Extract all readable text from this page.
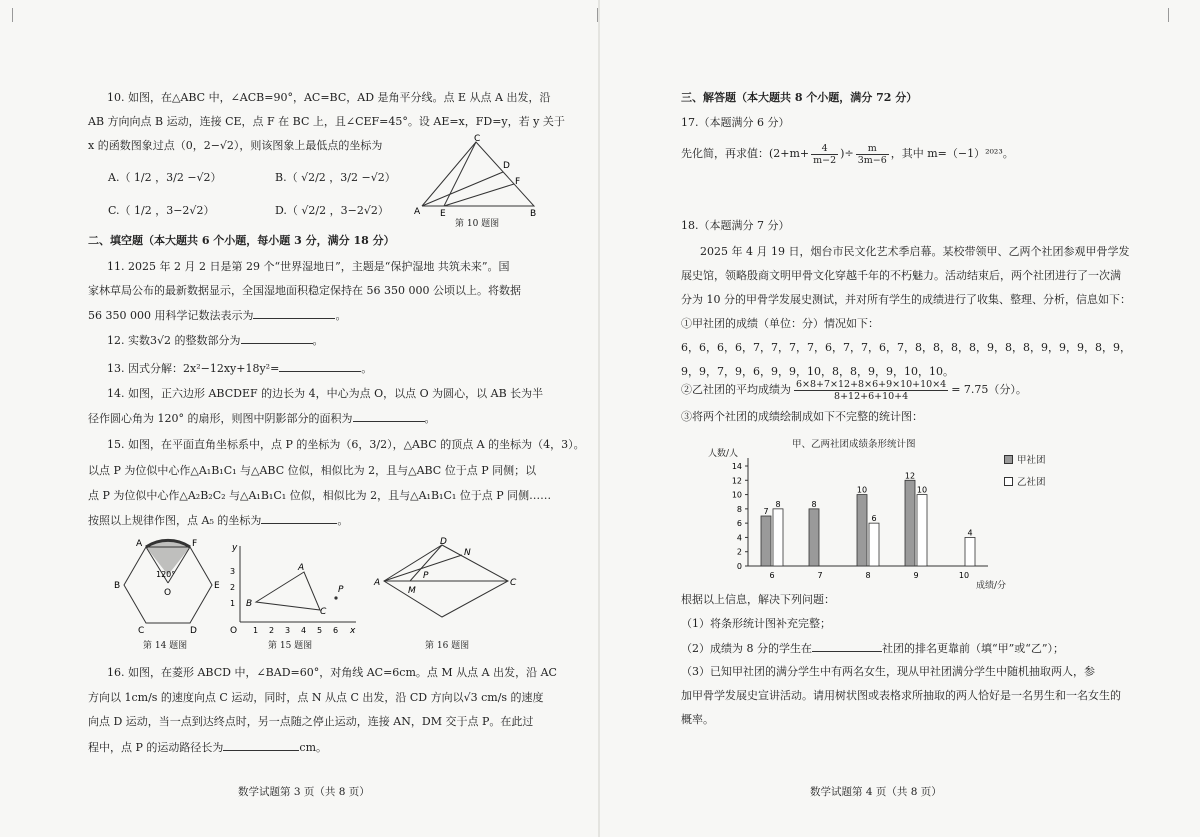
10. 如图，在△ABC 中，∠ACB=90°，AC=BC，AD 是角平分线。点 E 从点 A 出发，沿
AB 方向向点 B 运动，连接 CE，点 F 在 BC 上，且∠CEF=45°。设 AE=x，FD=y，若 y 关于
x 的函数图象过点（0，2−√2），则该图象上最低点的坐标为
A.（ 1/2 ，3/2 −√2）	B.（ √2/2 ，3/2 −√2）
C.（ 1/2 ，3−2√2）	D.（ √2/2 ，3−2√2）	A E	B
C
D
F
第 10 题图
二、填空题（本大题共 6 个小题，每小题 3 分，满分 18 分）
11. 2025 年 2 月 2 日是第 29 个“世界湿地日”，主题是“保护湿地 共筑未来”。国
家林草局公布的最新数据显示，全国湿地面积稳定保持在 56 350 000 公顷以上。将数据
56 350 000 用科学记数法表示为	。
12. 实数3√2 的整数部分为	。
13. 因式分解：2x²−12xy+18y²=	。
14. 如图，正六边形 ABCDEF 的边长为 4，中心为点 O，以点 O 为圆心，以 AB 长为半
径作圆心角为 120° 的扇形，则图中阴影部分的面积为	。
15. 如图，在平面直角坐标系中，点 P 的坐标为（6，3/2），△ABC 的顶点 A 的坐标为（4，3）。
以点 P 为位似中心作△A₁B₁C₁ 与△ABC 位似，相似比为 2，且与△ABC 位于点 P 同侧；以
点 P 为位似中心作△A₂B₂C₂ 与△A₁B₁C₁ 位似，相似比为 2，且与△A₁B₁C₁ 位于点 P 同侧……
按照以上规律作图，点 A₅ 的坐标为	。
A	F
B	E
C	D
O
120°
第 14 题图
y
x
O
1
2
3
1 2 3 4 5 6
A
B
C
P
第 15 题图
A	C
D
N
P
M
第 16 题图
16. 如图，在菱形 ABCD 中，∠BAD=60°，对角线 AC=6cm。点 M 从点 A 出发，沿 AC
方向以 1cm/s 的速度向点 C 运动，同时，点 N 从点 C 出发，沿 CD 方向以√3 cm/s 的速度
向点 D 运动，当一点到达终点时，另一点随之停止运动，连接 AN，DM 交于点 P。在此过
程中，点 P 的运动路径长为	cm。
数学试题第 3 页（共 8 页）
三、解答题（本大题共 8 个小题，满分 72 分）
17.（本题满分 6 分）
先化简，再求值：($2+m+ \frac{4}{m-2}$ )÷ $\frac{m}{3m-6}$ ，其中 m=（−1）²⁰²³。
18.（本题满分 7 分）
2025 年 4 月 19 日，烟台市民文化艺术季启幕。某校带领甲、乙两个社团参观甲骨学发
展史馆，领略殷商文明甲骨文化穿越千年的不朽魅力。活动结束后，两个社团进行了一次满
分为 10 分的甲骨学发展史测试，并对所有学生的成绩进行了收集、整理、分析，信息如下：
①甲社团的成绩（单位：分）情况如下：
6，6，6，6，7，7，7，7，6，7，7，6，7，8，8，8，8，9，8，8，9，9，9，8，9，
9，9，7，9，6，9，9，10，8，8，9，9，10，10。
②乙社团的平均成绩为 $\frac{6\times 8+7\times 12+8\times 6+9\times 10+10\times 4}{8+12+6+10+4} = 7.75$（分）。
③将两个社团的成绩绘制成如下不完整的统计图：
甲、乙两社团成绩条形统计图
人数/人
成绩/分
0
2
4
6
8
10
12
14
6
7
8
7
8
8
10
6
9
12
10
10
4
甲社团
乙社团
根据以上信息，解决下列问题：
（1）将条形统计图补充完整；
（2）成绩为 8 分的学生在	社团的排名更靠前（填“甲”或“乙”）；
（3）已知甲社团的满分学生中有两名女生，现从甲社团满分学生中随机抽取两人，参
加甲骨学发展史宣讲活动。请用树状图或表格求所抽取的两人恰好是一名男生和一名女生的
概率。
数学试题第 4 页（共 8 页）
